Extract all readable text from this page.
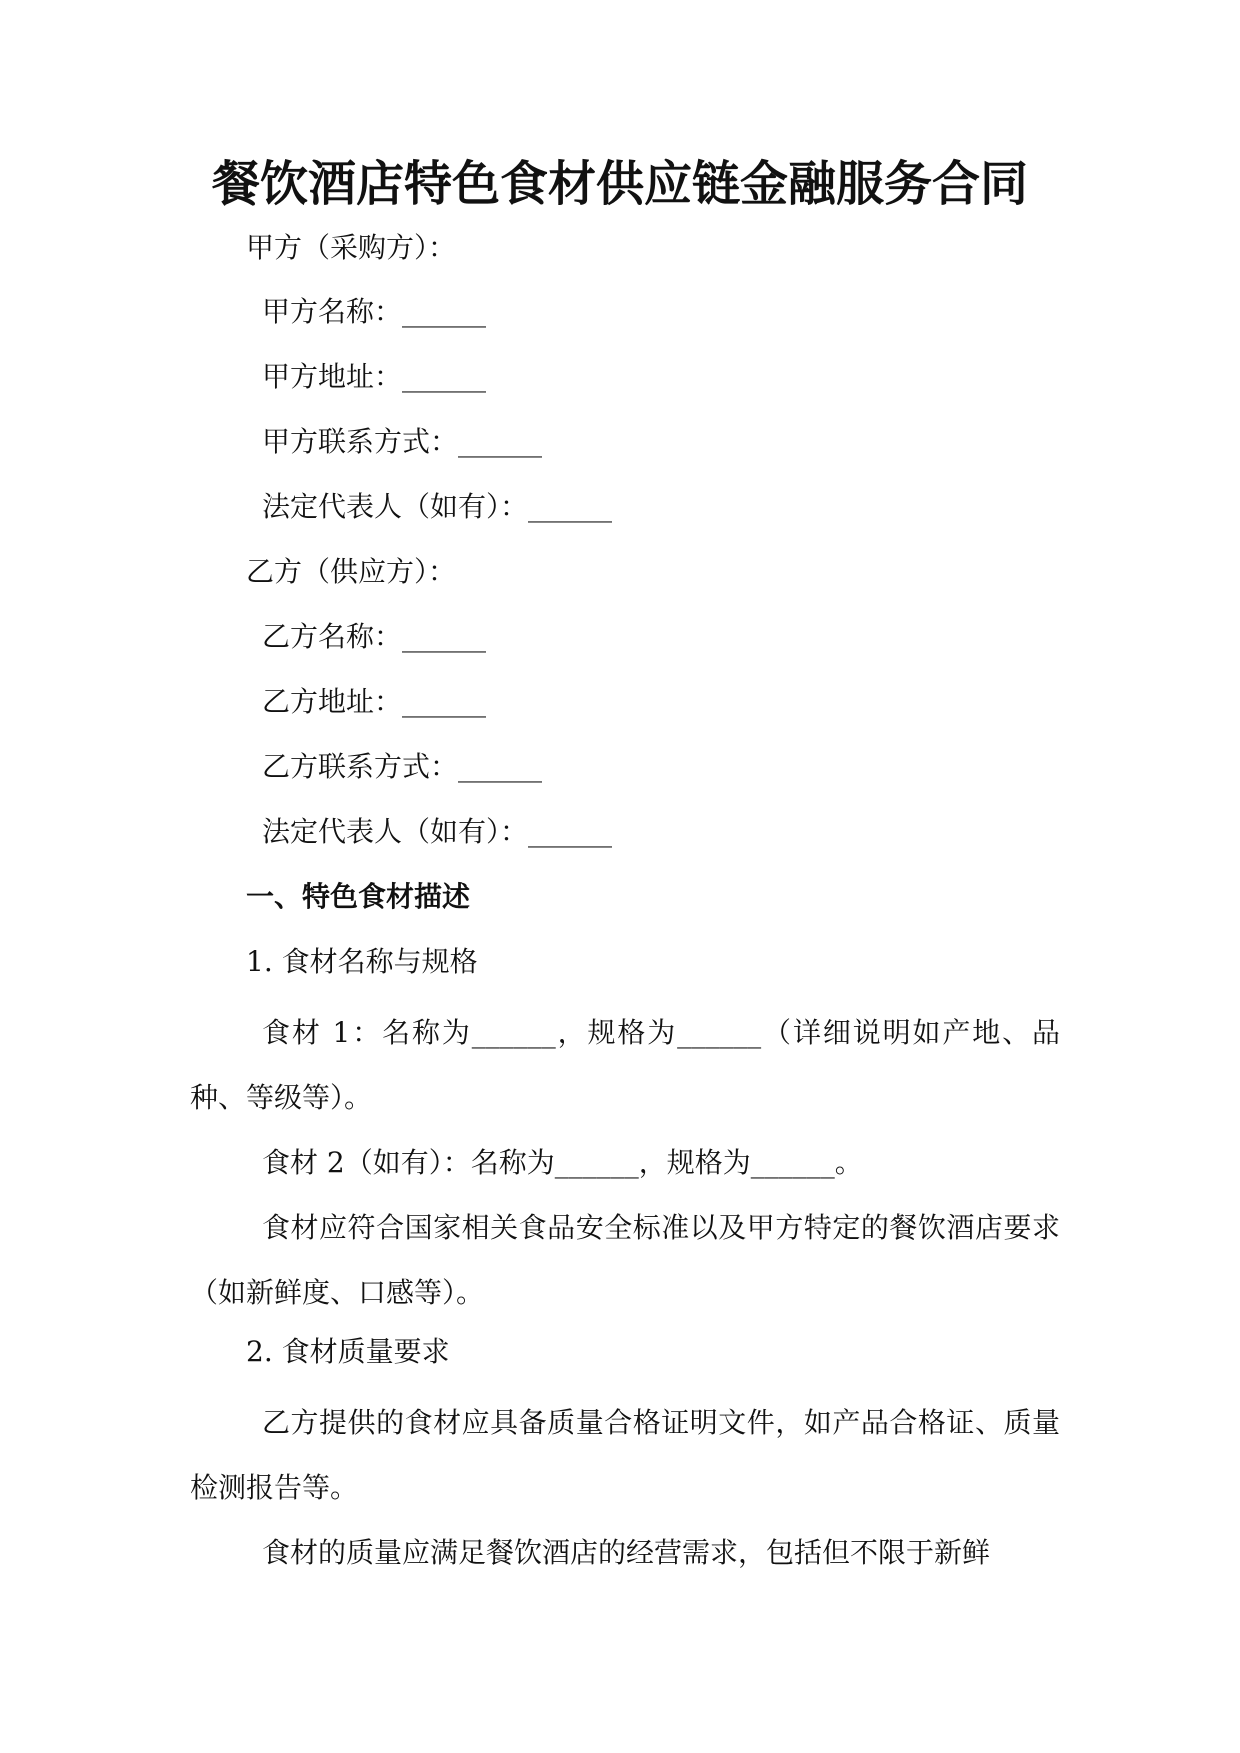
餐饮酒店特色食材供应链金融服务合同
甲方（采购方）：
甲方名称：______
甲方地址：______
甲方联系方式：______
法定代表人（如有）：______
乙方（供应方）：
乙方名称：______
乙方地址：______
乙方联系方式：______
法定代表人（如有）：______
一、特色食材描述
1. 食材名称与规格
食材 1：名称为______，规格为______（详细说明如产地、品种、等级等）。
食材 2（如有）：名称为______，规格为______。
食材应符合国家相关食品安全标准以及甲方特定的餐饮酒店要求（如新鲜度、口感等）。
2. 食材质量要求
乙方提供的食材应具备质量合格证明文件，如产品合格证、质量检测报告等。
食材的质量应满足餐饮酒店的经营需求，包括但不限于新鲜
